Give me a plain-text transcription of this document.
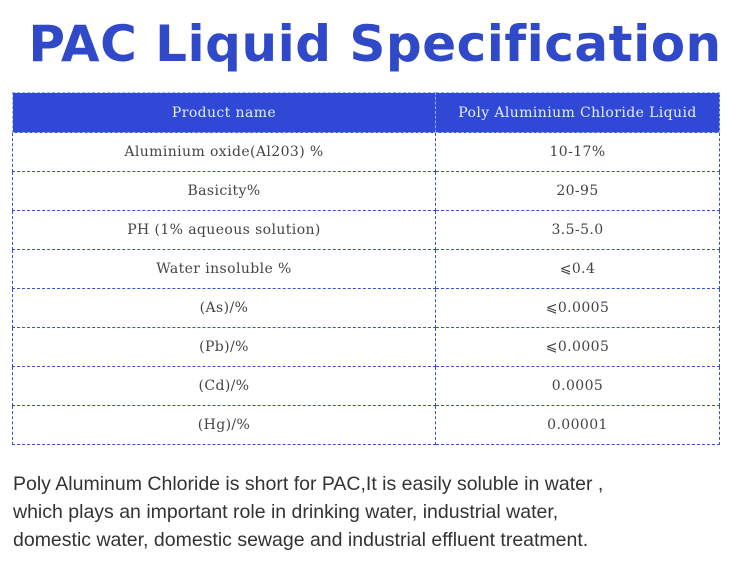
PAC Liquid Specification
Product name	Poly Aluminium Chloride Liquid
Aluminium oxide(Al203) %	10-17%
Basicity%	20-95
PH (1% aqueous solution)	3.5-5.0
Water insoluble %	⩽0.4
(As)/%	⩽0.0005
(Pb)/%	⩽0.0005
(Cd)/%	0.0005
(Hg)/%	0.00001
Poly Aluminum Chloride is short for PAC,It is easily soluble in water ,
which plays an important role in drinking water, industrial water,
domestic water, domestic sewage and industrial effluent treatment.
